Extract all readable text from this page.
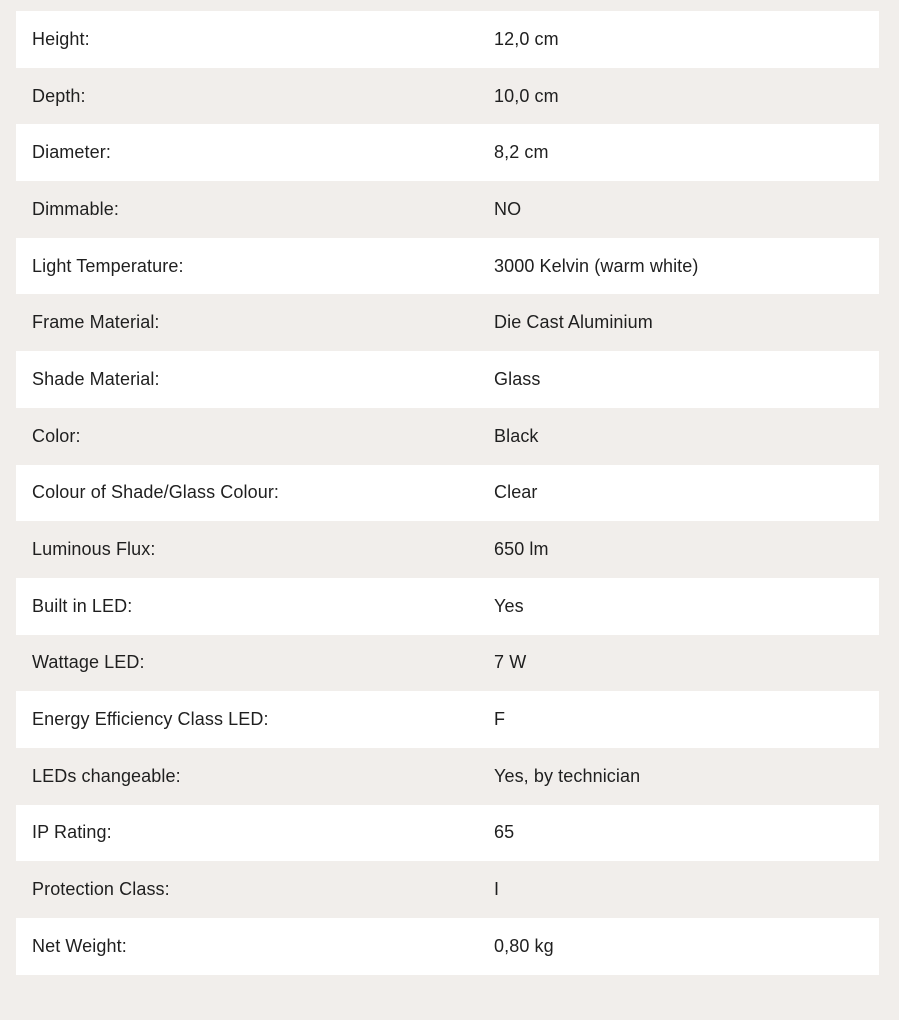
Height:	12,0 cm
Depth:	10,0 cm
Diameter:	8,2 cm
Dimmable:	NO
Light Temperature:	3000 Kelvin (warm white)
Frame Material:	Die Cast Aluminium
Shade Material:	Glass
Color:	Black
Colour of Shade/Glass Colour:	Clear
Luminous Flux:	650 lm
Built in LED:	Yes
Wattage LED:	7 W
Energy Efficiency Class LED:	F
LEDs changeable:	Yes, by technician
IP Rating:	65
Protection Class:	I
Net Weight:	0,80 kg
